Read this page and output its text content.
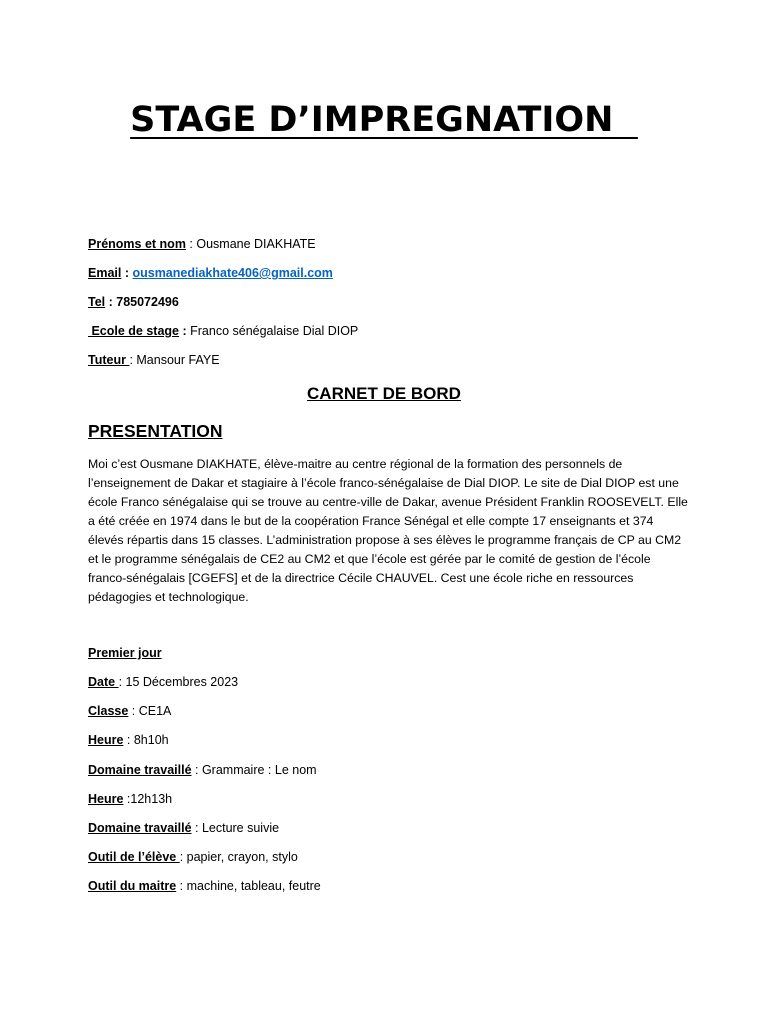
STAGE D’IMPREGNATION
Prénoms et nom : Ousmane DIAKHATE
Email : ousmanediakhate406@gmail.com
Tel : 785072496
Ecole de stage : Franco sénégalaise Dial DIOP
Tuteur : Mansour FAYE
CARNET DE BORD
PRESENTATION

Moi c’est Ousmane DIAKHATE, élève-maitre au centre régional de la formation des personnels de l’enseignement de Dakar et stagiaire à l’école franco-sénégalaise de Dial DIOP. Le site de Dial DIOP est une école Franco sénégalaise qui se trouve au centre-ville de Dakar, avenue Président Franklin ROOSEVELT. Elle a été créée en 1974 dans le but de la coopération France Sénégal et elle compte 17 enseignants et 374 élevés répartis dans 15 classes. L’administration propose à ses élèves le programme français de CP au CM2 et le programme sénégalais de CE2 au CM2 et que l’école est gérée par le comité de gestion de l’école franco-sénégalais [CGEFS] et de la directrice Cécile CHAUVEL. Cest une école riche en ressources pédagogies et technologique.

Premier jour
Date : 15 Décembres 2023
Classe : CE1A
Heure : 8h10h
Domaine travaillé : Grammaire : Le nom
Heure :12h13h
Domaine travaillé : Lecture suivie
Outil de l’élève : papier, crayon, stylo
Outil du maitre : machine, tableau, feutre
